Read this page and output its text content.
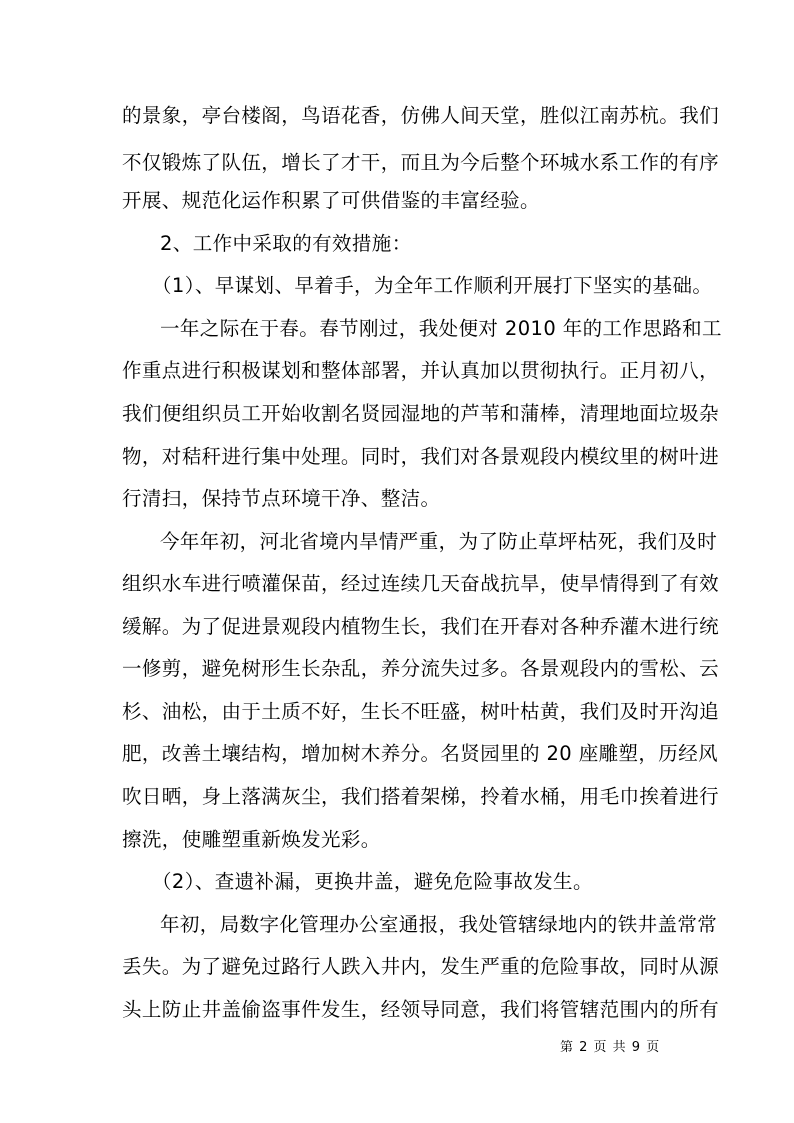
的景象，亭台楼阁，鸟语花香，仿佛人间天堂，胜似江南苏杭。我们
不仅锻炼了队伍，增长了才干，而且为今后整个环城水系工作的有序
开展、规范化运作积累了可供借鉴的丰富经验。
2、工作中采取的有效措施：
（1）、早谋划、早着手，为全年工作顺利开展打下坚实的基础。
一年之际在于春。春节刚过，我处便对 2010 年的工作思路和工
作重点进行积极谋划和整体部署，并认真加以贯彻执行。正月初八，
我们便组织员工开始收割名贤园湿地的芦苇和蒲棒，清理地面垃圾杂
物，对秸秆进行集中处理。同时，我们对各景观段内模纹里的树叶进
行清扫，保持节点环境干净、整洁。
今年年初，河北省境内旱情严重，为了防止草坪枯死，我们及时
组织水车进行喷灌保苗，经过连续几天奋战抗旱，使旱情得到了有效
缓解。为了促进景观段内植物生长，我们在开春对各种乔灌木进行统
一修剪，避免树形生长杂乱，养分流失过多。各景观段内的雪松、云
杉、油松，由于土质不好，生长不旺盛，树叶枯黄，我们及时开沟追
肥，改善土壤结构，增加树木养分。名贤园里的 20 座雕塑，历经风
吹日晒，身上落满灰尘，我们搭着架梯，拎着水桶，用毛巾挨着进行
擦洗，使雕塑重新焕发光彩。
（2）、查遗补漏，更换井盖，避免危险事故发生。
年初，局数字化管理办公室通报，我处管辖绿地内的铁井盖常常
丢失。为了避免过路行人跌入井内，发生严重的危险事故，同时从源
头上防止井盖偷盗事件发生，经领导同意，我们将管辖范围内的所有
第 2 页 共 9 页
